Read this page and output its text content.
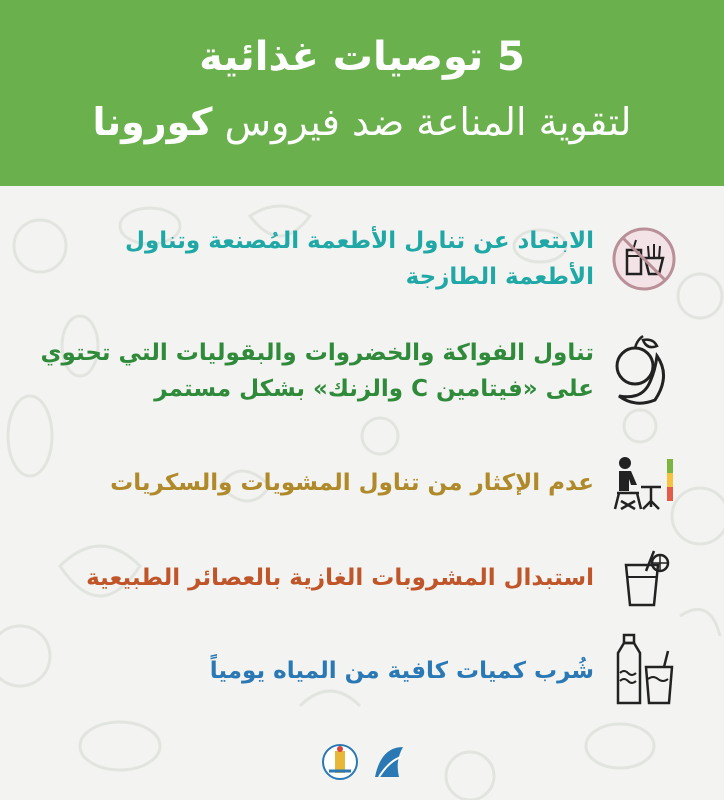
5 توصيات غذائية
لتقوية المناعة ضد فيروس كورونا
الابتعاد عن تناول الأطعمة المُصنعة وتناول الأطعمة الطازجة
تناول الفواكة والخضروات والبقوليات التي تحتوي على «فيتامين C والزنك» بشكل مستمر
عدم الإكثار من تناول المشويات والسكريات
استبدال المشروبات الغازية بالعصائر الطبيعية
شُرب كميات كافية من المياه يومياً
